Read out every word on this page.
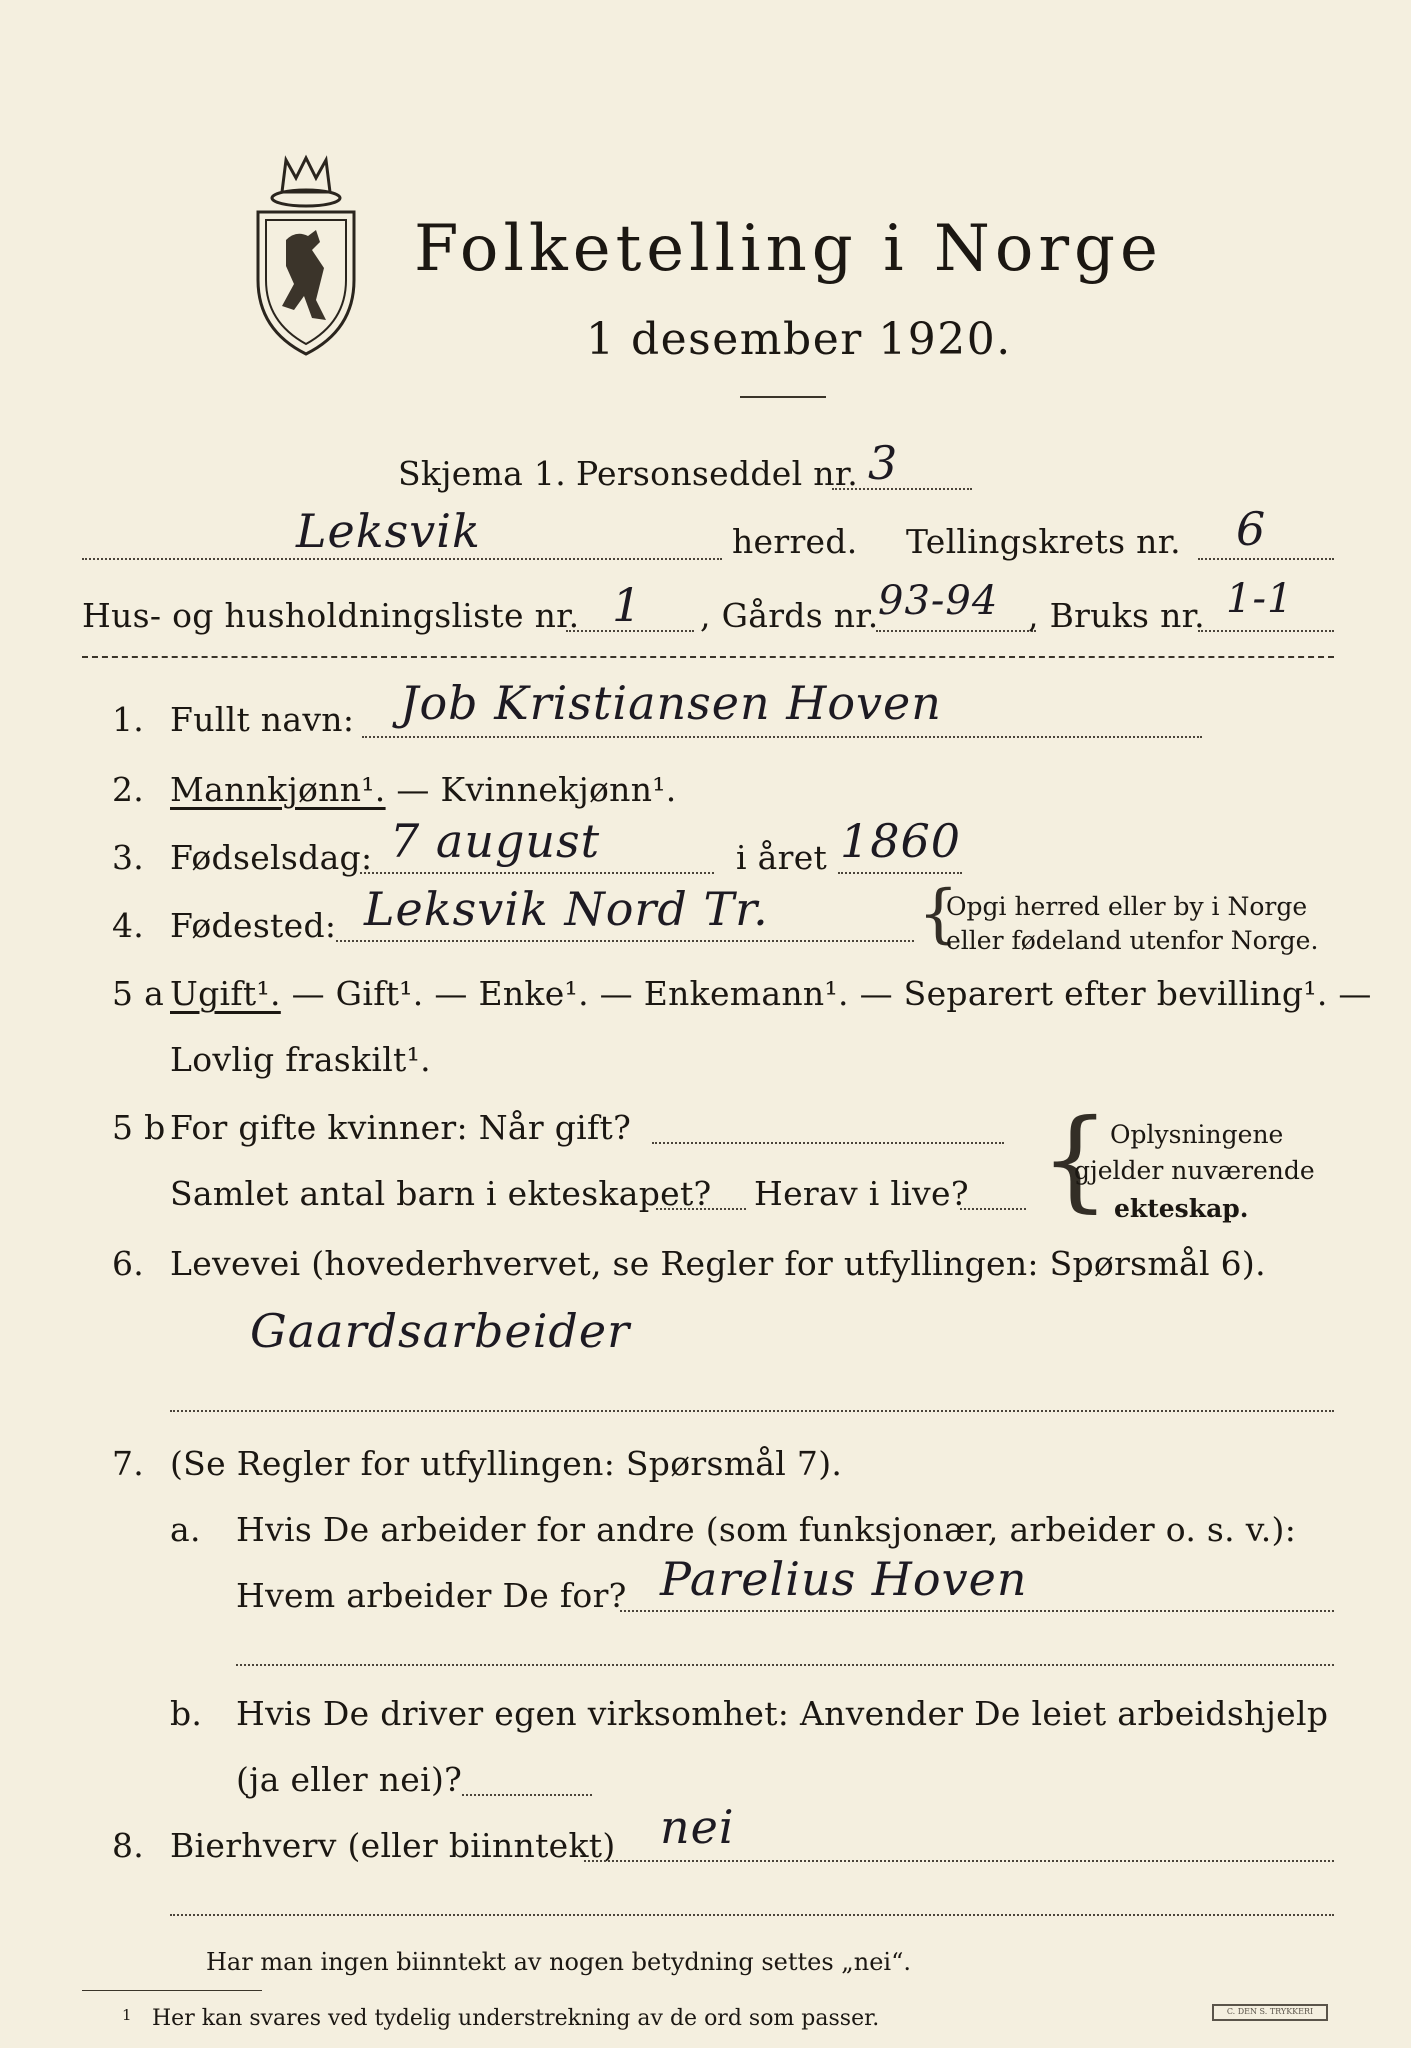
Folketelling i Norge
1 desember 1920.
Skjema 1. Personseddel nr. 3
Leksvik	herred. Tellingskrets nr. 6
Hus- og husholdningsliste nr. 1 , Gårds nr. 93-94 , Bruks nr. 1-1
1. Fullt navn: Job Kristiansen Hoven
2. Mannkjønn¹. — Kvinnekjønn¹.
3. Fødselsdag: 7 august	i året 1860
4. Fødested: Leksvik Nord Tr. {
Opgi herred eller by i Norge
eller fødeland utenfor Norge.
5 a Ugift¹. — Gift¹. — Enke¹. — Enkemann¹. — Separert efter bevilling¹. —
Lovlig fraskilt¹.
5 b For gifte kvinner: Når gift?
Samlet antal barn i ekteskapet? Herav i live? { Oplysningene
gjelder nuværende
ekteskap.
6. Levevei (hovederhvervet, se Regler for utfyllingen: Spørsmål 6).
Gaardsarbeider
7. (Se Regler for utfyllingen: Spørsmål 7).
a. Hvis De arbeider for andre (som funksjonær, arbeider o. s. v.):
Hvem arbeider De for? Parelius Hoven
b. Hvis De driver egen virksomhet: Anvender De leiet arbeidshjelp
(ja eller nei)?
8. Bierhverv (eller biinntekt) nei
Har man ingen biinntekt av nogen betydning settes „nei“.
1 Her kan svares ved tydelig understrekning av de ord som passer.	C. DEN S. TRYKKERI
